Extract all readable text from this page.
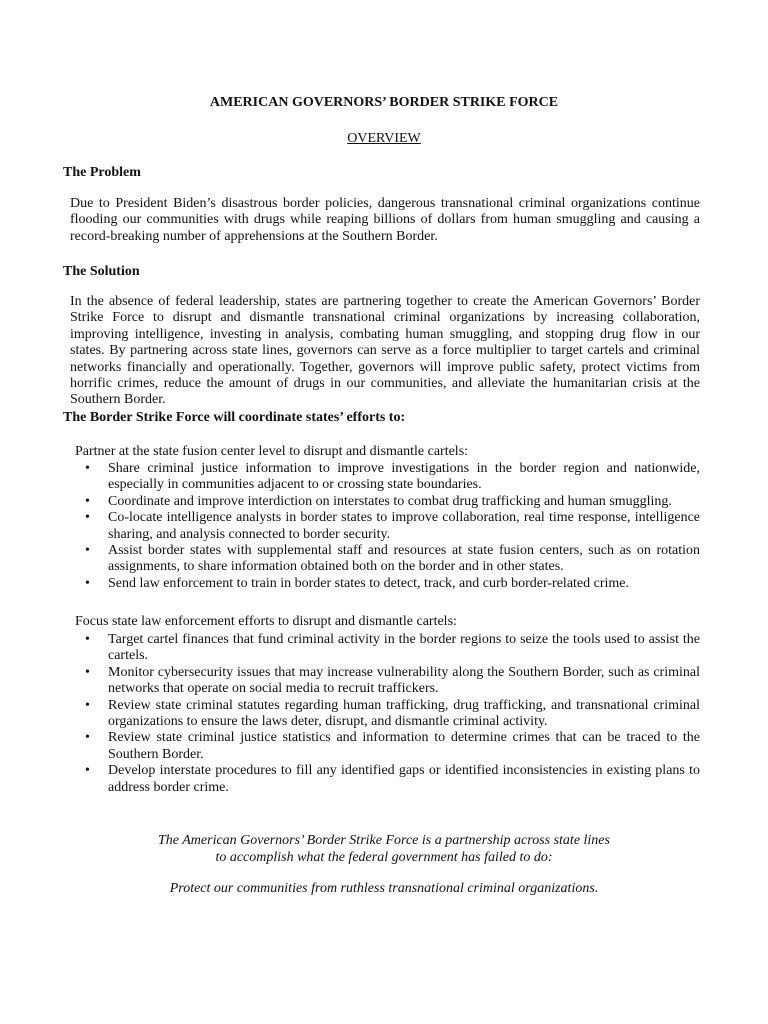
AMERICAN GOVERNORS’ BORDER STRIKE FORCE
OVERVIEW
The Problem
Due to President Biden’s disastrous border policies, dangerous transnational criminal organizations continue flooding our communities with drugs while reaping billions of dollars from human smuggling and causing a record-breaking number of apprehensions at the Southern Border.
The Solution
In the absence of federal leadership, states are partnering together to create the American Governors’ Border Strike Force to disrupt and dismantle transnational criminal organizations by increasing collaboration, improving intelligence, investing in analysis, combating human smuggling, and stopping drug flow in our states. By partnering across state lines, governors can serve as a force multiplier to target cartels and criminal networks financially and operationally. Together, governors will improve public safety, protect victims from horrific crimes, reduce the amount of drugs in our communities, and alleviate the humanitarian crisis at the Southern Border.
The Border Strike Force will coordinate states’ efforts to:
Partner at the state fusion center level to disrupt and dismantle cartels:
• Share criminal justice information to improve investigations in the border region and nationwide, especially in communities adjacent to or crossing state boundaries.
• Coordinate and improve interdiction on interstates to combat drug trafficking and human smuggling.
• Co-locate intelligence analysts in border states to improve collaboration, real time response, intelligence sharing, and analysis connected to border security.
• Assist border states with supplemental staff and resources at state fusion centers, such as on rotation assignments, to share information obtained both on the border and in other states.
• Send law enforcement to train in border states to detect, track, and curb border-related crime.
Focus state law enforcement efforts to disrupt and dismantle cartels:
• Target cartel finances that fund criminal activity in the border regions to seize the tools used to assist the cartels.
• Monitor cybersecurity issues that may increase vulnerability along the Southern Border, such as criminal networks that operate on social media to recruit traffickers.
• Review state criminal statutes regarding human trafficking, drug trafficking, and transnational criminal organizations to ensure the laws deter, disrupt, and dismantle criminal activity.
• Review state criminal justice statistics and information to determine crimes that can be traced to the Southern Border.
• Develop interstate procedures to fill any identified gaps or identified inconsistencies in existing plans to address border crime.
The American Governors’ Border Strike Force is a partnership across state lines
to accomplish what the federal government has failed to do:
Protect our communities from ruthless transnational criminal organizations.
